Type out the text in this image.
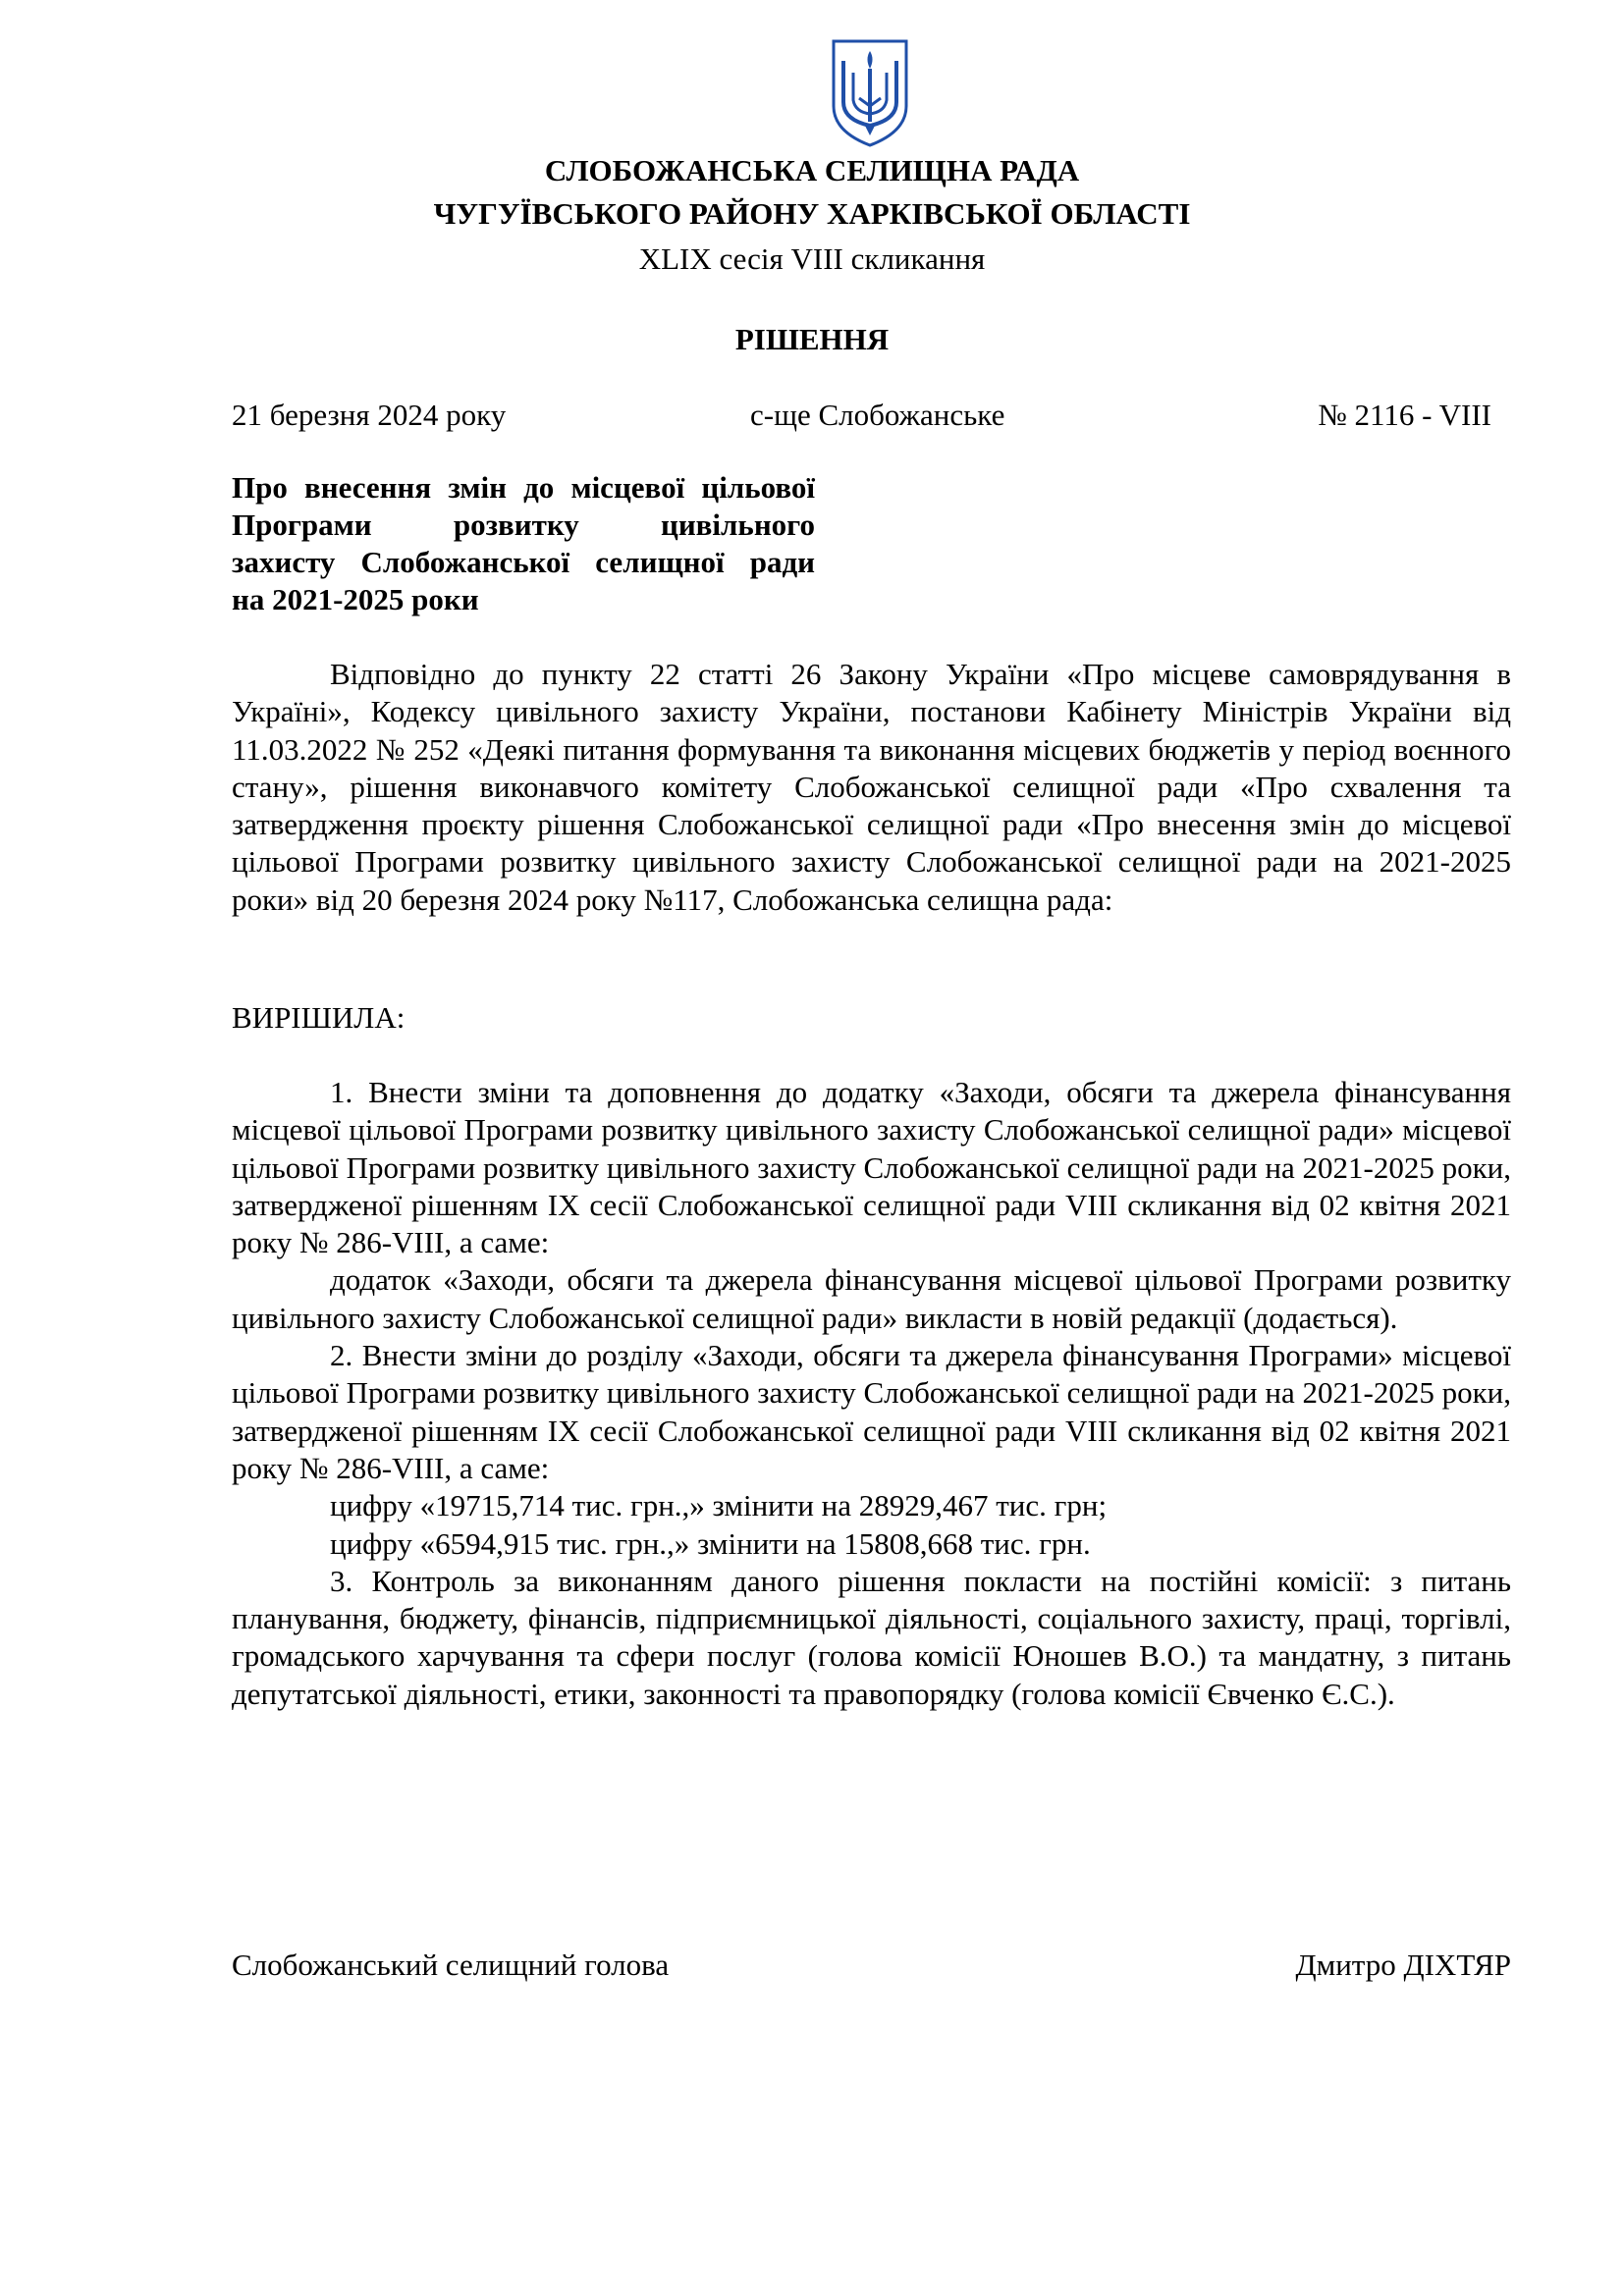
СЛОБОЖАНСЬКА СЕЛИЩНА РАДА
ЧУГУЇВСЬКОГО РАЙОНУ ХАРКІВСЬКОЇ ОБЛАСТІ
XLIX сесія VIII скликання
РІШЕННЯ
21 березня 2024 року	с-ще Слобожанське	№ 2116 - VIII
Про внесення змін до місцевої цільової
Програми розвитку цивільного
захисту Слобожанської селищної ради
на 2021-2025 роки

Відповідно до пункту 22 статті 26 Закону України «Про місцеве самоврядування в Україні», Кодексу цивільного захисту України, постанови Кабінету Міністрів України від 11.03.2022 № 252 «Деякі питання формування та виконання місцевих бюджетів у період воєнного стану», рішення виконавчого комітету Слобожанської селищної ради «Про схвалення та затвердження проєкту рішення Слобожанської селищної ради «Про внесення змін до місцевої цільової Програми розвитку цивільного захисту Слобожанської селищної ради на 2021-2025 роки» від 20 березня 2024 року №117, Слобожанська селищна рада:

ВИРІШИЛА:

1. Внести зміни та доповнення до додатку «Заходи, обсяги та джерела фінансування місцевої цільової Програми розвитку цивільного захисту Слобожанської селищної ради» місцевої цільової Програми розвитку цивільного захисту Слобожанської селищної ради на 2021-2025 роки, затвердженої рішенням IX сесії Слобожанської селищної ради VIII скликання від 02 квітня 2021 року № 286-VIII, а саме:

додаток «Заходи, обсяги та джерела фінансування місцевої цільової Програми розвитку цивільного захисту Слобожанської селищної ради» викласти в новій редакції (додається).

2. Внести зміни до розділу «Заходи, обсяги та джерела фінансування Програми» місцевої цільової Програми розвитку цивільного захисту Слобожанської селищної ради на 2021-2025 роки, затвердженої рішенням IX сесії Слобожанської селищної ради VIII скликання від 02 квітня 2021 року № 286-VIII, а саме:

цифру «19715,714 тис. грн.,» змінити на 28929,467 тис. грн;

цифру «6594,915 тис. грн.,» змінити на 15808,668 тис. грн.

3. Контроль за виконанням даного рішення покласти на постійні комісії: з питань планування, бюджету, фінансів, підприємницької діяльності, соціального захисту, праці, торгівлі, громадського харчування та сфери послуг (голова комісії Юношев В.О.) та мандатну, з питань депутатської діяльності, етики, законності та правопорядку (голова комісії Євченко Є.С.).

Слобожанський селищний голова	Дмитро ДІХТЯР
